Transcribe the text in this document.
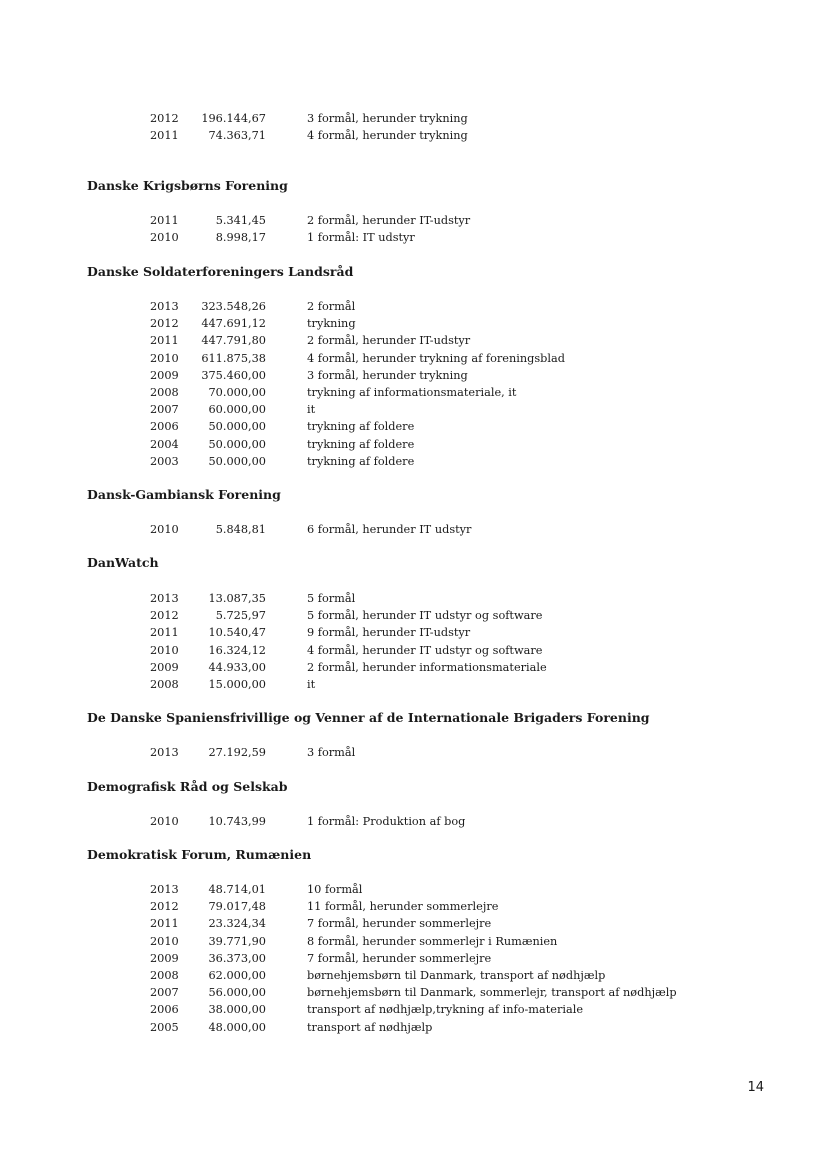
14
2012	196.144,67	3 formål, herunder trykning
2011	74.363,71	4 formål, herunder trykning
Danske Krigsbørns Forening
2011	5.341,45	2 formål, herunder IT-udstyr
2010	8.998,17	1 formål: IT udstyr
Danske Soldaterforeningers Landsråd
2013	323.548,26	2 formål
2012	447.691,12	trykning
2011	447.791,80	2 formål, herunder IT-udstyr
2010	611.875,38	4 formål, herunder trykning af foreningsblad
2009	375.460,00	3 formål, herunder trykning
2008	70.000,00	trykning af informationsmateriale, it
2007	60.000,00	it
2006	50.000,00	trykning af foldere
2004	50.000,00	trykning af foldere
2003	50.000,00	trykning af foldere
Dansk-Gambiansk Forening
2010	5.848,81	6 formål, herunder IT udstyr
DanWatch
2013	13.087,35	5 formål
2012	5.725,97	5 formål, herunder IT udstyr og software
2011	10.540,47	9 formål, herunder IT-udstyr
2010	16.324,12	4 formål, herunder IT udstyr og software
2009	44.933,00	2 formål, herunder informationsmateriale
2008	15.000,00	it
De Danske Spaniensfrivillige og Venner af de Internationale Brigaders Forening
2013	27.192,59	3 formål
Demografisk Råd og Selskab
2010	10.743,99	1 formål: Produktion af bog
Demokratisk Forum, Rumænien
2013	48.714,01	10 formål
2012	79.017,48	11 formål, herunder sommerlejre
2011	23.324,34	7 formål, herunder sommerlejre
2010	39.771,90	8 formål, herunder sommerlejr i Rumænien
2009	36.373,00	7 formål, herunder sommerlejre
2008	62.000,00	børnehjemsbørn til Danmark, transport af nødhjælp
2007	56.000,00	børnehjemsbørn til Danmark, sommerlejr, transport af nødhjælp
2006	38.000,00	transport af nødhjælp,trykning af info-materiale
2005	48.000,00	transport af nødhjælp
